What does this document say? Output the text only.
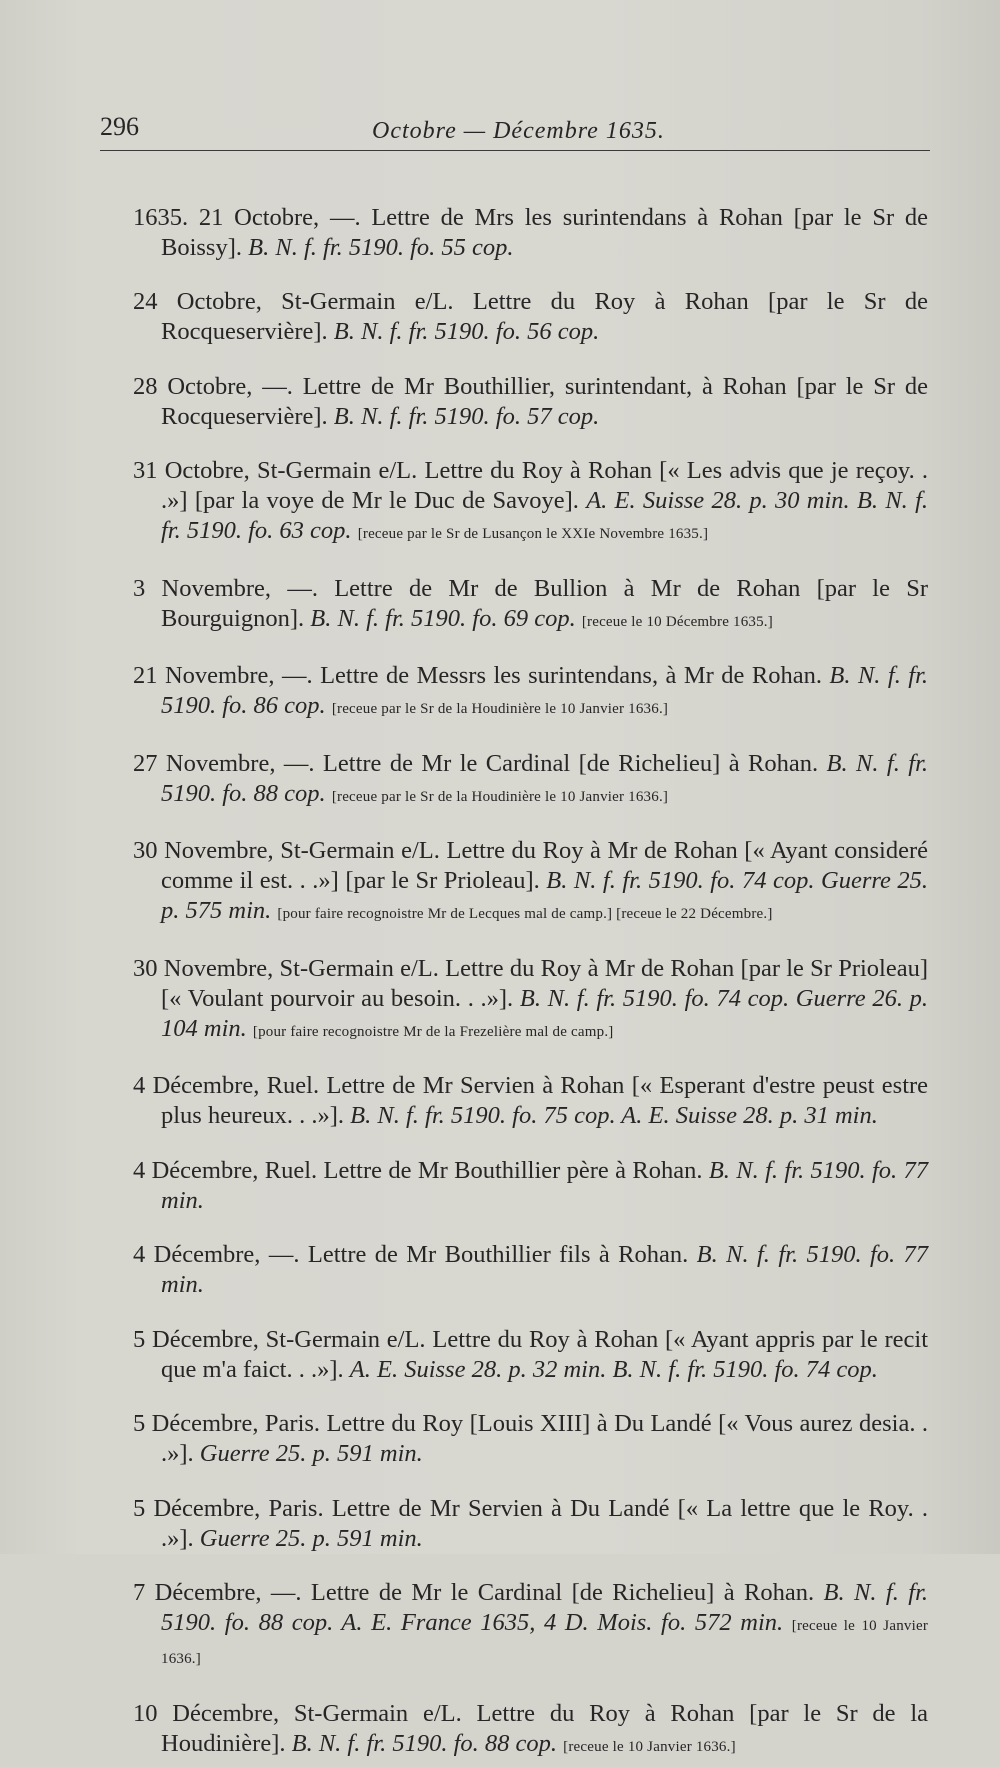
296	Octobre — Décembre 1635.

1635. 21 Octobre, —. Lettre de Mrs les surintendans à Rohan [par le Sr de Boissy]. B. N. f. fr. 5190. fo. 55 cop.

24 Octobre, St-Germain e/L. Lettre du Roy à Rohan [par le Sr de Rocqueservière]. B. N. f. fr. 5190. fo. 56 cop.

28 Octobre, —. Lettre de Mr Bouthillier, surintendant, à Rohan [par le Sr de Rocqueservière]. B. N. f. fr. 5190. fo. 57 cop.

31 Octobre, St-Germain e/L. Lettre du Roy à Rohan [« Les advis que je reçoy. . .»] [par la voye de Mr le Duc de Savoye]. A. E. Suisse 28. p. 30 min. B. N. f. fr. 5190. fo. 63 cop. [receue par le Sr de Lusançon le XXIe Novembre 1635.]

3 Novembre, —. Lettre de Mr de Bullion à Mr de Rohan [par le Sr Bourguignon]. B. N. f. fr. 5190. fo. 69 cop. [receue le 10 Décembre 1635.]

21 Novembre, —. Lettre de Messrs les surintendans, à Mr de Rohan. B. N. f. fr. 5190. fo. 86 cop. [receue par le Sr de la Houdinière le 10 Janvier 1636.]

27 Novembre, —. Lettre de Mr le Cardinal [de Richelieu] à Rohan. B. N. f. fr. 5190. fo. 88 cop. [receue par le Sr de la Houdinière le 10 Janvier 1636.]

30 Novembre, St-Germain e/L. Lettre du Roy à Mr de Rohan [« Ayant consideré comme il est. . .»] [par le Sr Prioleau]. B. N. f. fr. 5190. fo. 74 cop. Guerre 25. p. 575 min. [pour faire recognoistre Mr de Lecques mal de camp.] [receue le 22 Décembre.]

30 Novembre, St-Germain e/L. Lettre du Roy à Mr de Rohan [par le Sr Prioleau] [« Voulant pourvoir au besoin. . .»]. B. N. f. fr. 5190. fo. 74 cop. Guerre 26. p. 104 min. [pour faire recognoistre Mr de la Frezelière mal de camp.]

4 Décembre, Ruel. Lettre de Mr Servien à Rohan [« Esperant d'estre peust estre plus heureux. . .»]. B. N. f. fr. 5190. fo. 75 cop. A. E. Suisse 28. p. 31 min.

4 Décembre, Ruel. Lettre de Mr Bouthillier père à Rohan. B. N. f. fr. 5190. fo. 77 min.

4 Décembre, —. Lettre de Mr Bouthillier fils à Rohan. B. N. f. fr. 5190. fo. 77 min.

5 Décembre, St-Germain e/L. Lettre du Roy à Rohan [« Ayant appris par le recit que m'a faict. . .»]. A. E. Suisse 28. p. 32 min. B. N. f. fr. 5190. fo. 74 cop.

5 Décembre, Paris. Lettre du Roy [Louis XIII] à Du Landé [« Vous aurez desia. . .»]. Guerre 25. p. 591 min.

5 Décembre, Paris. Lettre de Mr Servien à Du Landé [« La lettre que le Roy. . .»]. Guerre 25. p. 591 min.

7 Décembre, —. Lettre de Mr le Cardinal [de Richelieu] à Rohan. B. N. f. fr. 5190. fo. 88 cop. A. E. France 1635, 4 D. Mois. fo. 572 min. [receue le 10 Janvier 1636.]

10 Décembre, St-Germain e/L. Lettre du Roy à Rohan [par le Sr de la Houdinière]. B. N. f. fr. 5190. fo. 88 cop. [receue le 10 Janvier 1636.]
